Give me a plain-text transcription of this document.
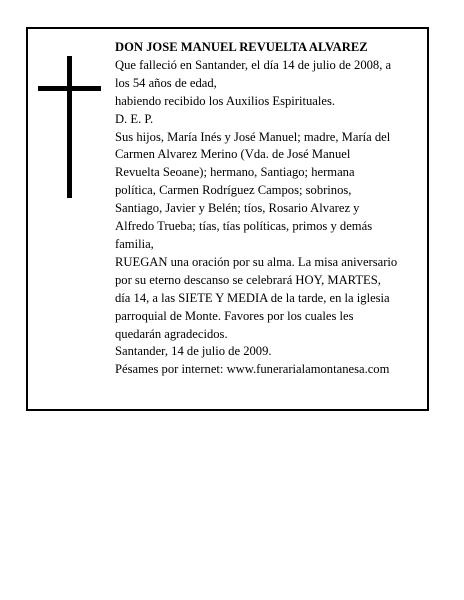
DON JOSE MANUEL REVUELTA ALVAREZ
Que falleció en Santander, el día 14 de julio de 2008, a
los 54 años de edad,
habiendo recibido los Auxilios Espirituales.
D. E. P.
Sus hijos, María Inés y José Manuel; madre, María del
Carmen Alvarez Merino (Vda. de José Manuel
Revuelta Seoane); hermano, Santiago; hermana
política, Carmen Rodríguez Campos; sobrinos,
Santiago, Javier y Belén; tíos, Rosario Alvarez y
Alfredo Trueba; tías, tías políticas, primos y demás
familia,
RUEGAN una oración por su alma. La misa aniversario
por su eterno descanso se celebrará HOY, MARTES,
día 14, a las SIETE Y MEDIA de la tarde, en la iglesia
parroquial de Monte. Favores por los cuales les
quedarán agradecidos.
Santander, 14 de julio de 2009.
Pésames por internet: www.funerarialamontanesa.com
